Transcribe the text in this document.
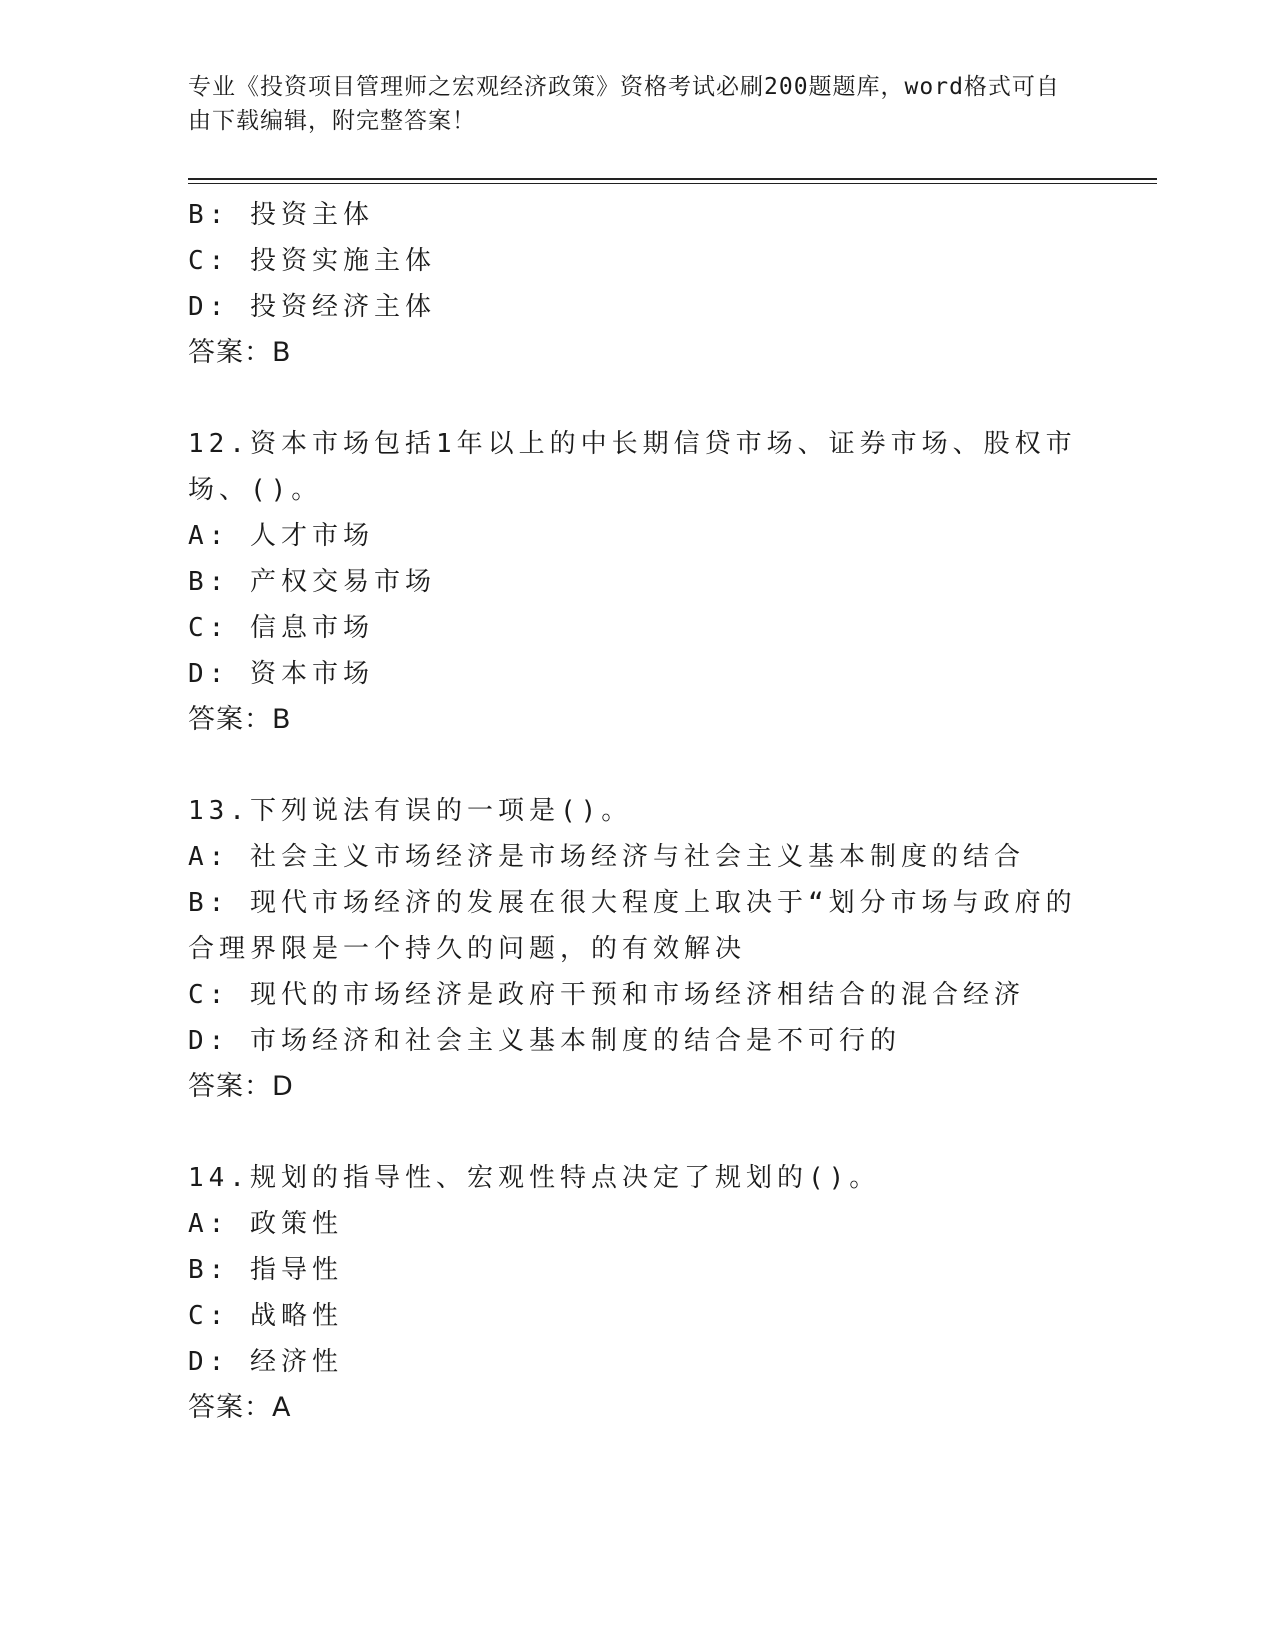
专业《投资项目管理师之宏观经济政策》资格考试必刷200题题库，word格式可自由下载编辑，附完整答案！
B: 投资主体
C: 投资实施主体
D: 投资经济主体
答案：B
12.资本市场包括1年以上的中长期信贷市场、证券市场、股权市场、()。
A: 人才市场
B: 产权交易市场
C: 信息市场
D: 资本市场
答案：B
13.下列说法有误的一项是()。
A: 社会主义市场经济是市场经济与社会主义基本制度的结合
B: 现代市场经济的发展在很大程度上取决于“划分市场与政府的合理界限是一个持久的问题，的有效解决
C: 现代的市场经济是政府干预和市场经济相结合的混合经济
D: 市场经济和社会主义基本制度的结合是不可行的
答案：D
14.规划的指导性、宏观性特点决定了规划的()。
A: 政策性
B: 指导性
C: 战略性
D: 经济性
答案：A
